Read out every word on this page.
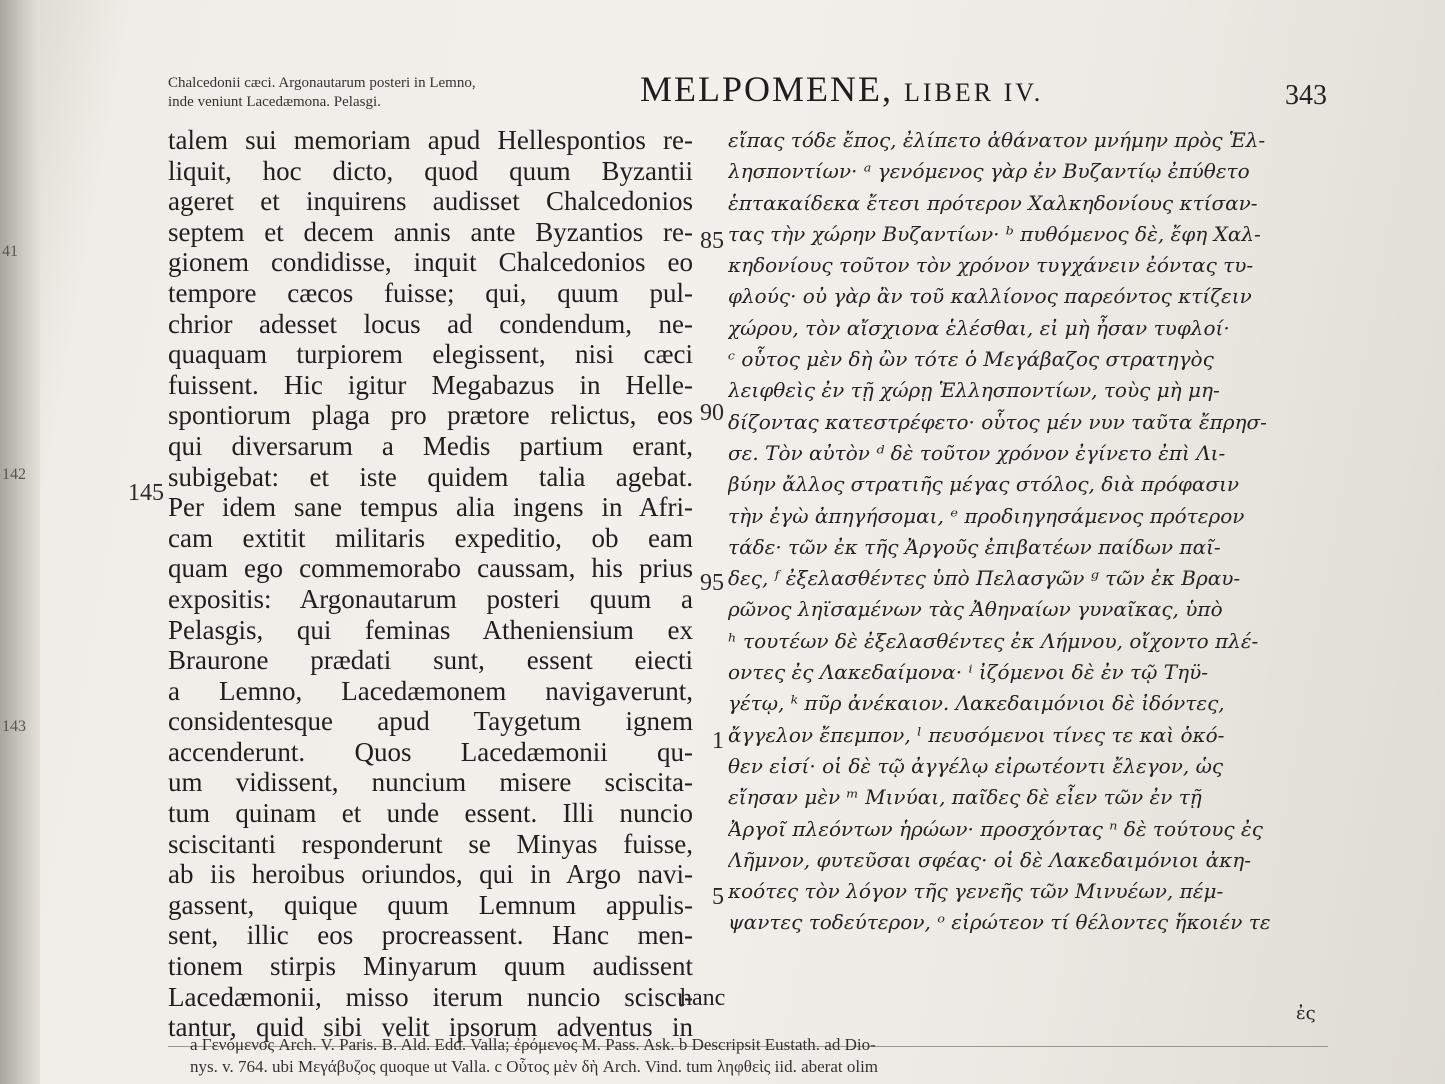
41
142
143
Chalcedonii cæci. Argonautarum posteri in Lemno,
inde veniunt Lacedæmona. Pelasgi.	MELPOMENE, LIBER IV.	343
talem sui memoriam apud Hellespontios re-
liquit, hoc dicto, quod quum Byzantii
ageret et inquirens audisset Chalcedonios
septem et decem annis ante Byzantios re-
gionem condidisse, inquit Chalcedonios eo
tempore cæcos fuisse; qui, quum pul-
chrior adesset locus ad condendum, ne-
quaquam turpiorem elegissent, nisi cæci
fuissent. Hic igitur Megabazus in Helle-
spontiorum plaga pro prætore relictus, eos
qui diversarum a Medis partium erant,
subigebat: et iste quidem talia agebat.
Per idem sane tempus alia ingens in Afri-
cam extitit militaris expeditio, ob eam
quam ego commemorabo caussam, his prius
expositis: Argonautarum posteri quum a
Pelasgis, qui feminas Atheniensium ex
Braurone prædati sunt, essent eiecti
a Lemno, Lacedæmonem navigaverunt,
considentesque apud Taygetum ignem
accenderunt. Quos Lacedæmonii qu-
um vidissent, nuncium misere sciscita-
tum quinam et unde essent. Illi nuncio
sciscitanti responderunt se Minyas fuisse,
ab iis heroibus oriundos, qui in Argo navi-
gassent, quique quum Lemnum appulis-
sent, illic eos procreassent. Hanc men-
tionem stirpis Minyarum quum audissent
Lacedæmonii, misso iterum nuncio sciscι-
tantur, quid sibi velit ipsorum adventus in
εἴπας τόδε ἔπος, ἐλίπετο ἀθάνατον μνήμην πρὸς Ἑλ-
λησποντίων· ᵃ γενόμενος γὰρ ἐν Βυζαντίῳ ἐπύθετο
ἑπτακαίδεκα ἔτεσι πρότερον Χαλκηδονίους κτίσαν-
τας τὴν χώρην Βυζαντίων· ᵇ πυθόμενος δὲ, ἔφη Χαλ-
κηδονίους τοῦτον τὸν χρόνον τυγχάνειν ἐόντας τυ-
φλούς· οὐ γὰρ ἂν τοῦ καλλίονος παρεόντος κτίζειν
χώρου, τὸν αἴσχιονα ἑλέσθαι, εἰ μὴ ἦσαν τυφλοί·
ᶜ οὗτος μὲν δὴ ὢν τότε ὁ Μεγάβαζος στρατηγὸς
λειφθεὶς ἐν τῇ χώρῃ Ἑλλησποντίων, τοὺς μὴ μη-
δίζοντας κατεστρέφετο· οὗτος μέν νυν ταῦτα ἔπρησ-
σε. Τὸν αὐτὸν ᵈ δὲ τοῦτον χρόνον ἐγίνετο ἐπὶ Λι-
βύην ἄλλος στρατιῆς μέγας στόλος, διὰ πρόφασιν
τὴν ἐγὼ ἀπηγήσομαι, ᵉ προδιηγησάμενος πρότερον
τάδε· τῶν ἐκ τῆς Ἀργοῦς ἐπιβατέων παίδων παῖ-
δες, ᶠ ἐξελασθέντες ὑπὸ Πελασγῶν ᵍ τῶν ἐκ Βραυ-
ρῶνος ληϊσαμένων τὰς Ἀθηναίων γυναῖκας, ὑπὸ
ʰ τουτέων δὲ ἐξελασθέντες ἐκ Λήμνου, οἴχοντο πλέ-
οντες ἐς Λακεδαίμονα· ⁱ ἰζόμενοι δὲ ἐν τῷ Τηϋ-
γέτῳ, ᵏ πῦρ ἀνέκαιον. Λακεδαιμόνιοι δὲ ἰδόντες,
ἄγγελον ἔπεμπον, ˡ πευσόμενοι τίνες τε καὶ ὁκό-
θεν εἰσί· οἱ δὲ τῷ ἀγγέλῳ εἰρωτέοντι ἔλεγον, ὡς
εἴησαν μὲν ᵐ Μινύαι, παῖδες δὲ εἶεν τῶν ἐν τῇ
Ἀργοῖ πλεόντων ἡρώων· προσχόντας ⁿ δὲ τούτους ἐς
Λῆμνον, φυτεῦσαι σφέας· οἱ δὲ Λακεδαιμόνιοι ἀκη-
κοότες τὸν λόγον τῆς γενεῆς τῶν Μινυέων, πέμ-
ψαντες τοδεύτερον, ᵒ εἰρώτεον τί θέλοντες ἥκοιέν τε
145
85
90
95
1
5
hanc
ἐς
a Γενόμενος Arch. V. Paris. B. Ald. Edd. Valla; ἐρόμενος M. Pass. Ask. b Descripsit Eustath. ad Dio-
nys. v. 764. ubi Μεγάβυζος quoque ut Valla. c Οὗτος μὲν δὴ Arch. Vind. tum ληφθεὶς iid. aberat olim
